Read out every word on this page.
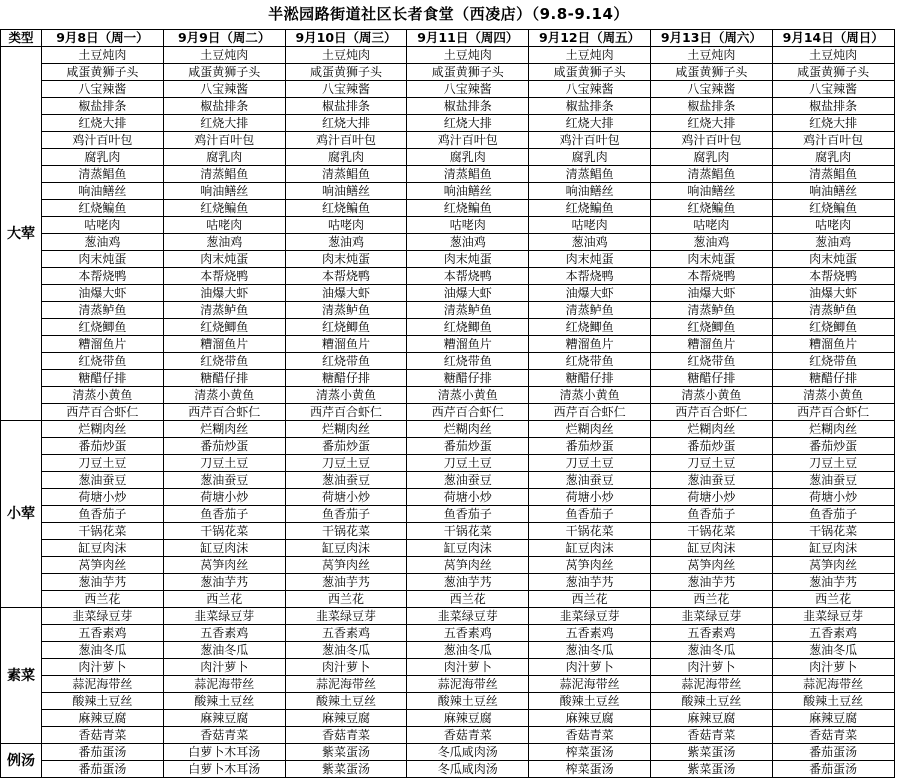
半淞园路街道社区长者食堂（西凌店）（9.8-9.14）
类型	9月8日（周一）	9月9日（周二）	9月10日（周三）	9月11日（周四）	9月12日（周五）	9月13日（周六）	9月14日（周日）
大荤	土豆炖肉	土豆炖肉	土豆炖肉	土豆炖肉	土豆炖肉	土豆炖肉	土豆炖肉
	咸蛋黄狮子头	咸蛋黄狮子头	咸蛋黄狮子头	咸蛋黄狮子头	咸蛋黄狮子头	咸蛋黄狮子头	咸蛋黄狮子头
	八宝辣酱	八宝辣酱	八宝辣酱	八宝辣酱	八宝辣酱	八宝辣酱	八宝辣酱
	椒盐排条	椒盐排条	椒盐排条	椒盐排条	椒盐排条	椒盐排条	椒盐排条
	红烧大排	红烧大排	红烧大排	红烧大排	红烧大排	红烧大排	红烧大排
	鸡汁百叶包	鸡汁百叶包	鸡汁百叶包	鸡汁百叶包	鸡汁百叶包	鸡汁百叶包	鸡汁百叶包
	腐乳肉	腐乳肉	腐乳肉	腐乳肉	腐乳肉	腐乳肉	腐乳肉
	清蒸鲳鱼	清蒸鲳鱼	清蒸鲳鱼	清蒸鲳鱼	清蒸鲳鱼	清蒸鲳鱼	清蒸鲳鱼
	响油鳝丝	响油鳝丝	响油鳝丝	响油鳝丝	响油鳝丝	响油鳝丝	响油鳝丝
	红烧鳊鱼	红烧鳊鱼	红烧鳊鱼	红烧鳊鱼	红烧鳊鱼	红烧鳊鱼	红烧鳊鱼
	咕咾肉	咕咾肉	咕咾肉	咕咾肉	咕咾肉	咕咾肉	咕咾肉
	葱油鸡	葱油鸡	葱油鸡	葱油鸡	葱油鸡	葱油鸡	葱油鸡
	肉末炖蛋	肉末炖蛋	肉末炖蛋	肉末炖蛋	肉末炖蛋	肉末炖蛋	肉末炖蛋
	本帮烧鸭	本帮烧鸭	本帮烧鸭	本帮烧鸭	本帮烧鸭	本帮烧鸭	本帮烧鸭
	油爆大虾	油爆大虾	油爆大虾	油爆大虾	油爆大虾	油爆大虾	油爆大虾
	清蒸鲈鱼	清蒸鲈鱼	清蒸鲈鱼	清蒸鲈鱼	清蒸鲈鱼	清蒸鲈鱼	清蒸鲈鱼
	红烧鲫鱼	红烧鲫鱼	红烧鲫鱼	红烧鲫鱼	红烧鲫鱼	红烧鲫鱼	红烧鲫鱼
	糟溜鱼片	糟溜鱼片	糟溜鱼片	糟溜鱼片	糟溜鱼片	糟溜鱼片	糟溜鱼片
	红烧带鱼	红烧带鱼	红烧带鱼	红烧带鱼	红烧带鱼	红烧带鱼	红烧带鱼
	糖醋仔排	糖醋仔排	糖醋仔排	糖醋仔排	糖醋仔排	糖醋仔排	糖醋仔排
	清蒸小黄鱼	清蒸小黄鱼	清蒸小黄鱼	清蒸小黄鱼	清蒸小黄鱼	清蒸小黄鱼	清蒸小黄鱼
	西芹百合虾仁	西芹百合虾仁	西芹百合虾仁	西芹百合虾仁	西芹百合虾仁	西芹百合虾仁	西芹百合虾仁
小荤	烂糊肉丝	烂糊肉丝	烂糊肉丝	烂糊肉丝	烂糊肉丝	烂糊肉丝	烂糊肉丝
	番茄炒蛋	番茄炒蛋	番茄炒蛋	番茄炒蛋	番茄炒蛋	番茄炒蛋	番茄炒蛋
	刀豆土豆	刀豆土豆	刀豆土豆	刀豆土豆	刀豆土豆	刀豆土豆	刀豆土豆
	葱油蚕豆	葱油蚕豆	葱油蚕豆	葱油蚕豆	葱油蚕豆	葱油蚕豆	葱油蚕豆
	荷塘小炒	荷塘小炒	荷塘小炒	荷塘小炒	荷塘小炒	荷塘小炒	荷塘小炒
	鱼香茄子	鱼香茄子	鱼香茄子	鱼香茄子	鱼香茄子	鱼香茄子	鱼香茄子
	干锅花菜	干锅花菜	干锅花菜	干锅花菜	干锅花菜	干锅花菜	干锅花菜
	缸豆肉沫	缸豆肉沫	缸豆肉沫	缸豆肉沫	缸豆肉沫	缸豆肉沫	缸豆肉沫
	莴笋肉丝	莴笋肉丝	莴笋肉丝	莴笋肉丝	莴笋肉丝	莴笋肉丝	莴笋肉丝
	葱油芋艿	葱油芋艿	葱油芋艿	葱油芋艿	葱油芋艿	葱油芋艿	葱油芋艿
	西兰花	西兰花	西兰花	西兰花	西兰花	西兰花	西兰花
素菜	韭菜绿豆芽	韭菜绿豆芽	韭菜绿豆芽	韭菜绿豆芽	韭菜绿豆芽	韭菜绿豆芽	韭菜绿豆芽
	五香素鸡	五香素鸡	五香素鸡	五香素鸡	五香素鸡	五香素鸡	五香素鸡
	葱油冬瓜	葱油冬瓜	葱油冬瓜	葱油冬瓜	葱油冬瓜	葱油冬瓜	葱油冬瓜
	肉汁萝卜	肉汁萝卜	肉汁萝卜	肉汁萝卜	肉汁萝卜	肉汁萝卜	肉汁萝卜
	蒜泥海带丝	蒜泥海带丝	蒜泥海带丝	蒜泥海带丝	蒜泥海带丝	蒜泥海带丝	蒜泥海带丝
	酸辣土豆丝	酸辣土豆丝	酸辣土豆丝	酸辣土豆丝	酸辣土豆丝	酸辣土豆丝	酸辣土豆丝
	麻辣豆腐	麻辣豆腐	麻辣豆腐	麻辣豆腐	麻辣豆腐	麻辣豆腐	麻辣豆腐
	香菇青菜	香菇青菜	香菇青菜	香菇青菜	香菇青菜	香菇青菜	香菇青菜
例汤	番茄蛋汤	白萝卜木耳汤	紫菜蛋汤	冬瓜咸肉汤	榨菜蛋汤	紫菜蛋汤	番茄蛋汤
	番茄蛋汤	白萝卜木耳汤	紫菜蛋汤	冬瓜咸肉汤	榨菜蛋汤	紫菜蛋汤	番茄蛋汤
